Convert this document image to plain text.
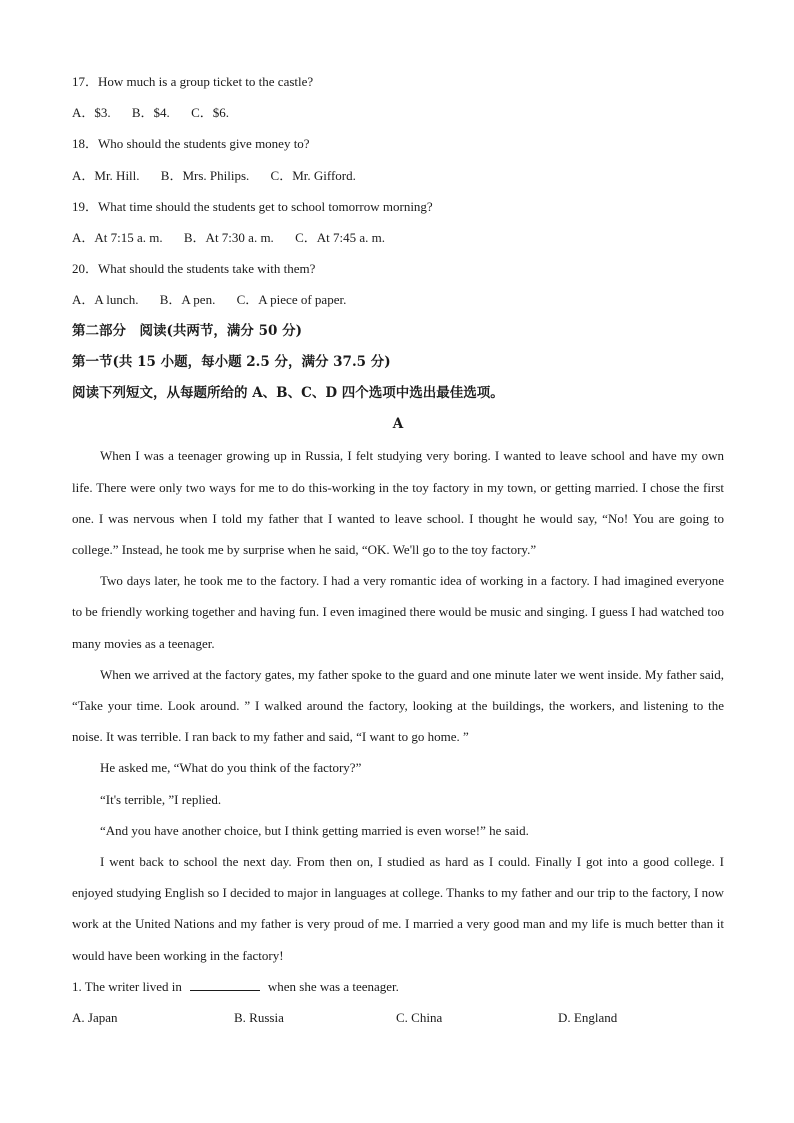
17．How much is a group ticket to the castle?
A．$3. B．$4. C．$6.
18．Who should the students give money to?
A．Mr. Hill. B．Mrs. Philips. C．Mr. Gifford.
19．What time should the students get to school tomorrow morning?
A．At 7:15 a. m. B．At 7:30 a. m. C．At 7:45 a. m.
20．What should the students take with them?
A．A lunch. B．A pen. C．A piece of paper.
第二部分　阅读(共两节，满分 50 分)
第一节(共 15 小题，每小题 2.5 分，满分 37.5 分)
阅读下列短文，从每题所给的 A、B、C、D 四个选项中选出最佳选项。
A
When I was a teenager growing up in Russia, I felt studying very boring. I wanted to leave school and have my own life. There were only two ways for me to do this-working in the toy factory in my town, or getting married. I chose the first one. I was nervous when I told my father that I wanted to leave school. I thought he would say, “No! You are going to college.” Instead, he took me by surprise when he said, “OK. We'll go to the toy factory.”
Two days later, he took me to the factory. I had a very romantic idea of working in a factory. I had imagined everyone to be friendly working together and having fun. I even imagined there would be music and singing. I guess I had watched too many movies as a teenager.
When we arrived at the factory gates, my father spoke to the guard and one minute later we went inside. My father said, “Take your time. Look around. ” I walked around the factory, looking at the buildings, the workers, and listening to the noise. It was terrible. I ran back to my father and said, “I want to go home. ”
He asked me, “What do you think of the factory?”
“It's terrible, ”I replied.
“And you have another choice, but I think getting married is even worse!” he said.
I went back to school the next day. From then on, I studied as hard as I could. Finally I got into a good college. I enjoyed studying English so I decided to major in languages at college. Thanks to my father and our trip to the factory, I now work at the United Nations and my father is very proud of me. I married a very good man and my life is much better than it would have been working in the factory!
1. The writer lived in	when she was a teenager.
A. Japan	B. Russia	C. China	D. England
